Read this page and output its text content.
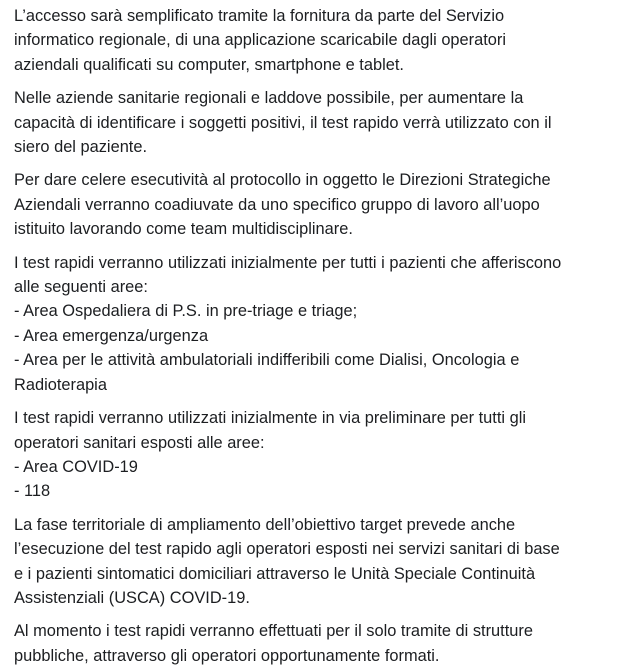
L’accesso sarà semplificato tramite la fornitura da parte del Servizio
informatico regionale, di una applicazione scaricabile dagli operatori
aziendali qualificati su computer, smartphone e tablet.

Nelle aziende sanitarie regionali e laddove possibile, per aumentare la
capacità di identificare i soggetti positivi, il test rapido verrà utilizzato con il
siero del paziente.

Per dare celere esecutività al protocollo in oggetto le Direzioni Strategiche
Aziendali verranno coadiuvate da uno specifico gruppo di lavoro all’uopo
istituito lavorando come team multidisciplinare.

I test rapidi verranno utilizzati inizialmente per tutti i pazienti che afferiscono
alle seguenti aree:
- Area Ospedaliera di P.S. in pre-triage e triage;
- Area emergenza/urgenza
- Area per le attività ambulatoriali indifferibili come Dialisi, Oncologia e
Radioterapia

I test rapidi verranno utilizzati inizialmente in via preliminare per tutti gli
operatori sanitari esposti alle aree:
- Area COVID-19
- 118

La fase territoriale di ampliamento dell’obiettivo target prevede anche
l’esecuzione del test rapido agli operatori esposti nei servizi sanitari di base
e i pazienti sintomatici domiciliari attraverso le Unità Speciale Continuità
Assistenziali (USCA) COVID-19.

Al momento i test rapidi verranno effettuati per il solo tramite di strutture
pubbliche, attraverso gli operatori opportunamente formati.
